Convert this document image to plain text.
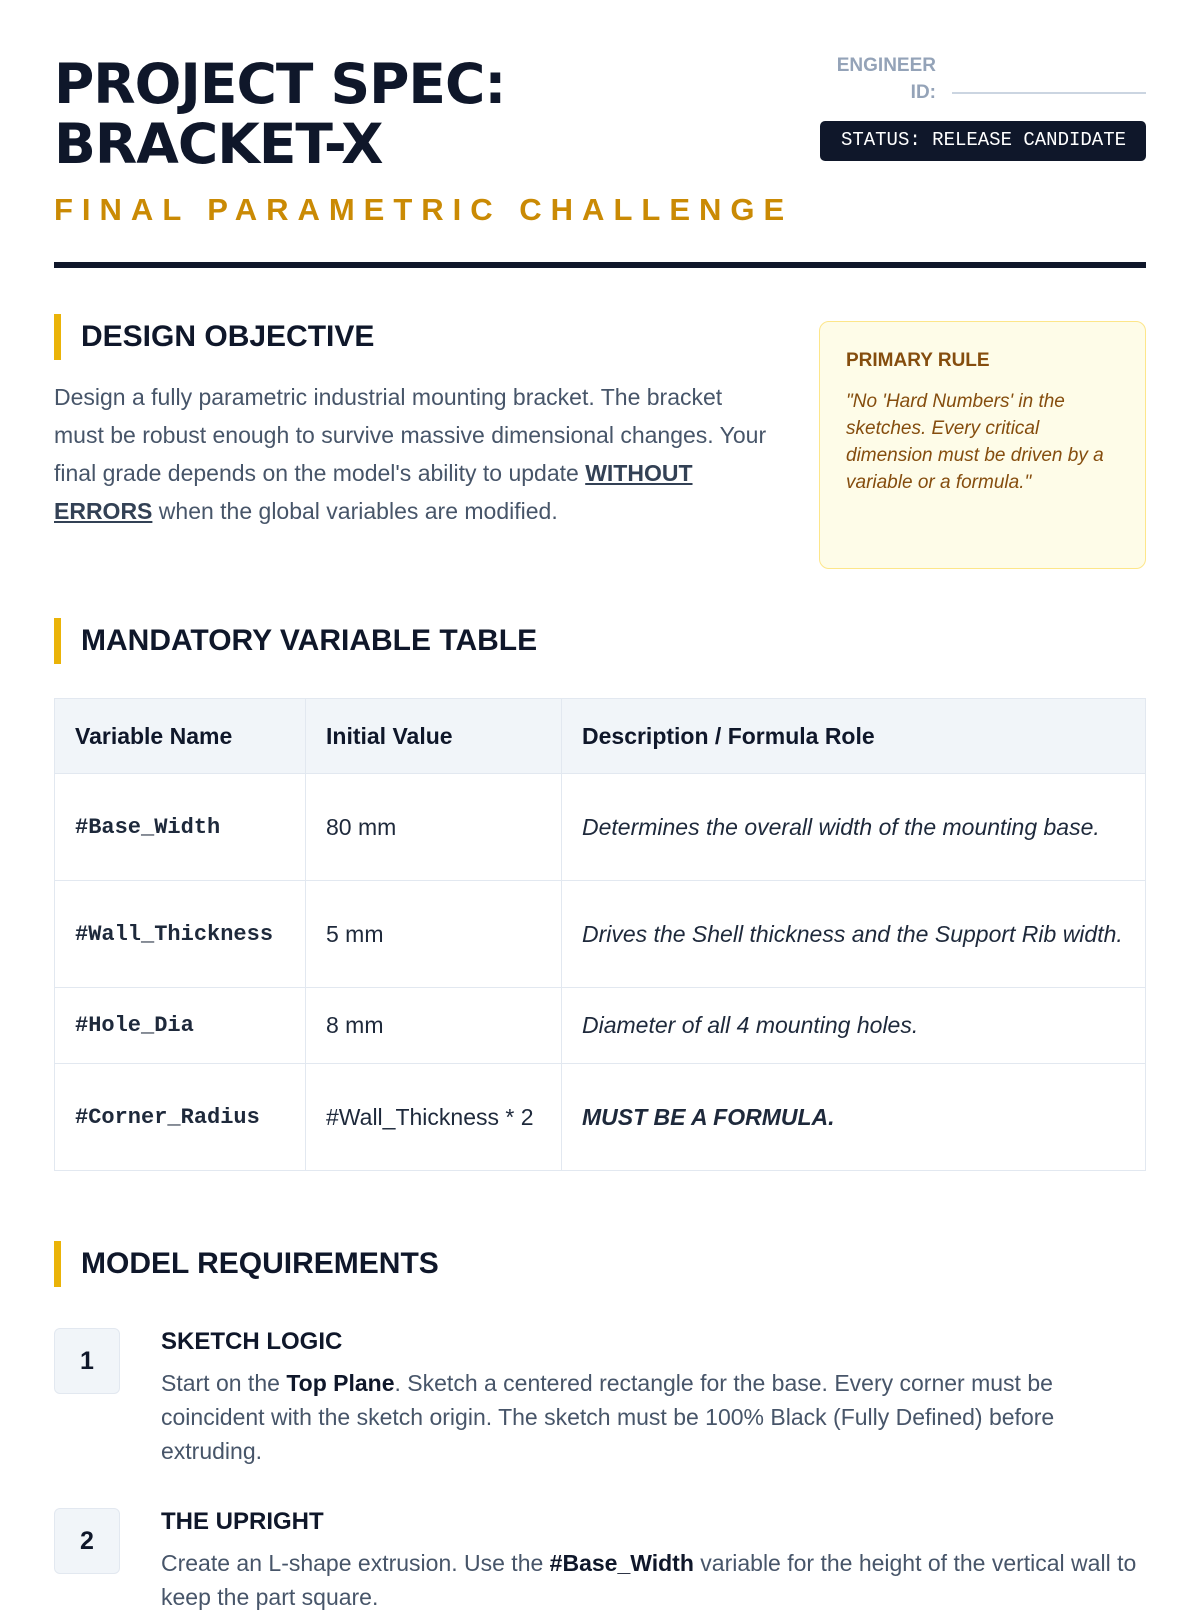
PROJECT SPEC:
BRACKET-X
FINAL PARAMETRIC CHALLENGE
ENGINEER ID:
STATUS: RELEASE CANDIDATE
DESIGN OBJECTIVE

Design a fully parametric industrial mounting bracket. The bracket must be robust enough to survive massive dimensional changes. Your final grade depends on the model's ability to update WITHOUT ERRORS when the global variables are modified.

PRIMARY RULE

"No 'Hard Numbers' in the sketches. Every critical dimension must be driven by a variable or a formula."

MANDATORY VARIABLE TABLE
Variable Name	Initial Value	Description / Formula Role
#Base_Width	80 mm	Determines the overall width of the mounting base.
#Wall_Thickness	5 mm	Drives the Shell thickness and the Support Rib width.
#Hole_Dia	8 mm	Diameter of all 4 mounting holes.
#Corner_Radius	#Wall_Thickness * 2	MUST BE A FORMULA.
MODEL REQUIREMENTS
1
SKETCH LOGIC

Start on the Top Plane. Sketch a centered rectangle for the base. Every corner must be coincident with the sketch origin. The sketch must be 100% Black (Fully Defined) before extruding.

2
THE UPRIGHT

Create an L-shape extrusion. Use the #Base_Width variable for the height of the vertical wall to keep the part square.
